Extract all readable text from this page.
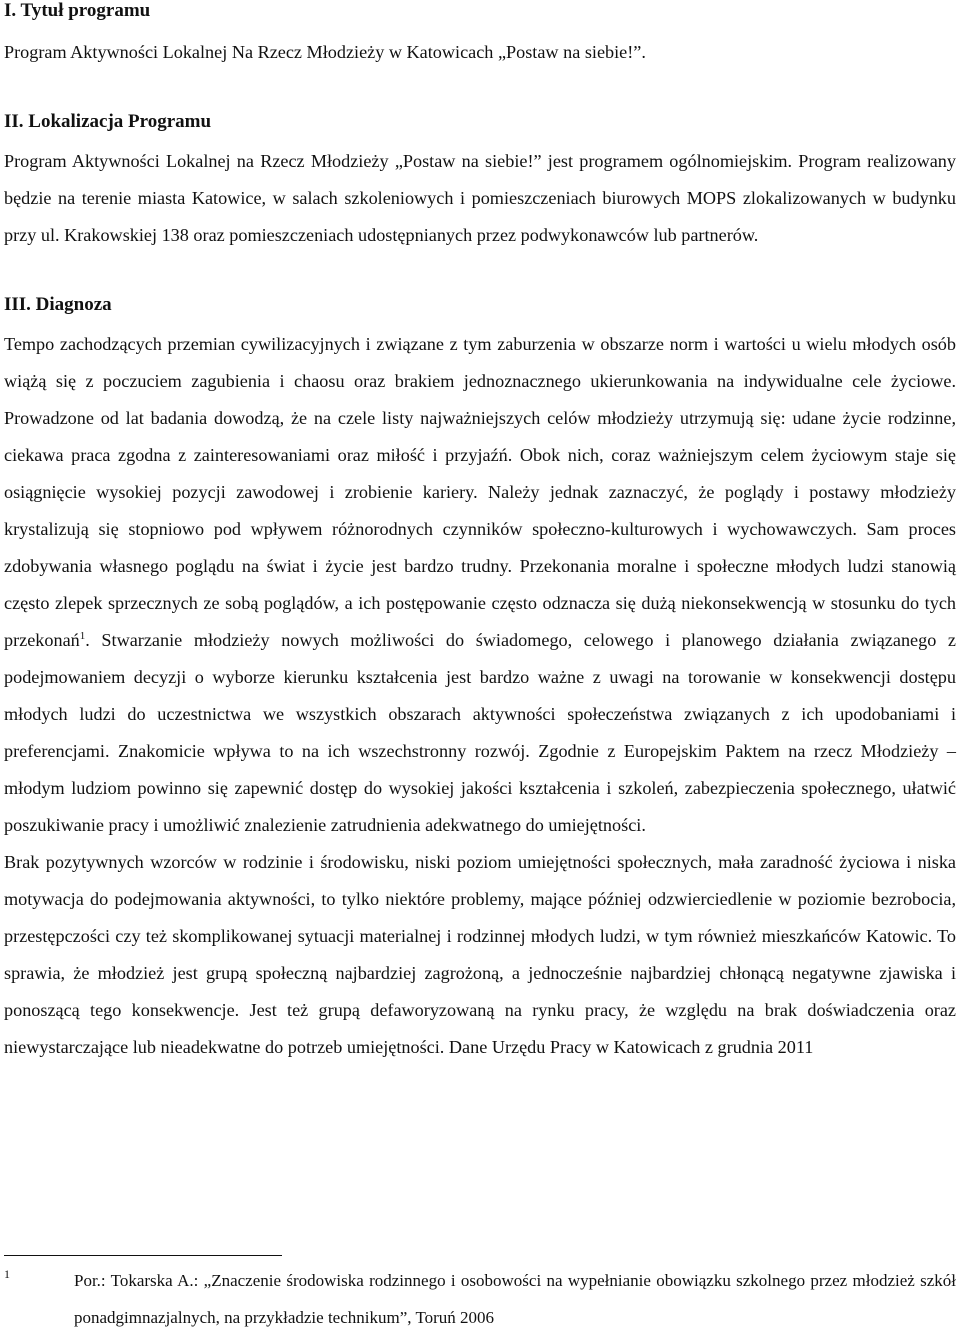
I. Tytuł programu

Program Aktywności Lokalnej Na Rzecz Młodzieży w Katowicach „Postaw na siebie!”.

II. Lokalizacja Programu

Program Aktywności Lokalnej na Rzecz Młodzieży „Postaw na siebie!” jest programem ogólnomiejskim. Program realizowany będzie na terenie miasta Katowice, w salach szkoleniowych i pomieszczeniach biurowych MOPS zlokalizowanych w budynku przy ul. Krakowskiej 138 oraz pomieszczeniach udostępnianych przez podwykonawców lub partnerów.

III. Diagnoza

Tempo zachodzących przemian cywilizacyjnych i związane z tym zaburzenia w obszarze norm i wartości u wielu młodych osób wiążą się z poczuciem zagubienia i chaosu oraz brakiem jednoznacznego ukierunkowania na indywidualne cele życiowe. Prowadzone od lat badania dowodzą, że na czele listy najważniejszych celów młodzieży utrzymują się: udane życie rodzinne, ciekawa praca zgodna z zainteresowaniami oraz miłość i przyjaźń. Obok nich, coraz ważniejszym celem życiowym staje się osiągnięcie wysokiej pozycji zawodowej i zrobienie kariery. Należy jednak zaznaczyć, że poglądy i postawy młodzieży krystalizują się stopniowo pod wpływem różnorodnych czynników społeczno-kulturowych i wychowawczych. Sam proces zdobywania własnego poglądu na świat i życie jest bardzo trudny. Przekonania moralne i społeczne młodych ludzi stanowią często zlepek sprzecznych ze sobą poglądów, a ich postępowanie często odznacza się dużą niekonsekwencją w stosunku do tych przekonań$^1$. Stwarzanie młodzieży nowych możliwości do świadomego, celowego i planowego działania związanego z podejmowaniem decyzji o wyborze kierunku kształcenia jest bardzo ważne z uwagi na torowanie w konsekwencji dostępu młodych ludzi do uczestnictwa we wszystkich obszarach aktywności społeczeństwa związanych z ich upodobaniami i preferencjami. Znakomicie wpływa to na ich wszechstronny rozwój. Zgodnie z Europejskim Paktem na rzecz Młodzieży – młodym ludziom powinno się zapewnić dostęp do wysokiej jakości kształcenia i szkoleń, zabezpieczenia społecznego, ułatwić poszukiwanie pracy i umożliwić znalezienie zatrudnienia adekwatnego do umiejętności.

Brak pozytywnych wzorców w rodzinie i środowisku, niski poziom umiejętności społecznych, mała zaradność życiowa i niska motywacja do podejmowania aktywności, to tylko niektóre problemy, mające później odzwierciedlenie w poziomie bezrobocia, przestępczości czy też skomplikowanej sytuacji materialnej i rodzinnej młodych ludzi, w tym również mieszkańców Katowic. To sprawia, że młodzież jest grupą społeczną najbardziej zagrożoną, a jednocześnie najbardziej chłonącą negatywne zjawiska i ponoszącą tego konsekwencje. Jest też grupą defaworyzowaną na rynku pracy, że względu na brak doświadczenia oraz niewystarczające lub nieadekwatne do potrzeb umiejętności. Dane Urzędu Pracy w Katowicach z grudnia 2011

1	Por.: Tokarska A.: „Znaczenie środowiska rodzinnego i osobowości na wypełnianie obowiązku szkolnego przez młodzież szkół ponadgimnazjalnych, na przykładzie technikum”, Toruń 2006
